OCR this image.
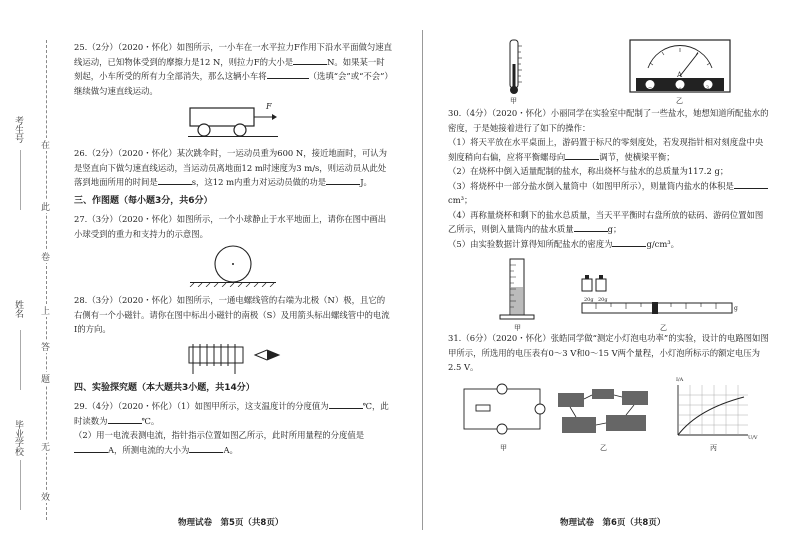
考生号
姓名
毕业学校
在
此
卷
上
答
题
无
效
25.（2分）（2020・怀化）如图所示，一小车在一水平拉力F作用下沿水平面做匀速直线运动，已知物体受到的摩擦力是12 N，则拉力F的大小是	N。如果某一时刻起，小车所受的所有力全部消失，那么这辆小车将	（选填“会”或“不会”）继续做匀速直线运动。
F
26.（2分）（2020・怀化）某次跳伞时，一运动员重为600 N，接近地面时，可认为是竖直向下做匀速直线运动，当运动员离地面12 m时速度为3 m/s，则运动员从此处落到地面所用的时间是	s，这12 m内重力对运动员做的功是	J。
三、作图题（每小题3分，共6分）
27.（3分）（2020・怀化）如图所示，一个小球静止于水平地面上，请你在图中画出小球受到的重力和支持力的示意图。
28.（3分）（2020・怀化）如图所示，一通电螺线管的右端为北极（N）极，且它的右侧有一个小磁针。请你在图中标出小磁针的南极（S）及用箭头标出螺线管中的电流I的方向。
四、实验探究题（本大题共3小题，共14分）
29.（4分）（2020・怀化）（1）如图甲所示，这支温度计的分度值为	℃，此时读数为	℃。
（2）用一电流表测电流，指针指示位置如图乙所示，此时所用量程的分度值是A，所测电流的大小为	A。
甲
A
−	0.6	3
乙
30.（4分）（2020・怀化）小丽同学在实验室中配制了一些盐水，她想知道所配盐水的密度，于是她接着进行了如下的操作：
（1）将天平放在水平桌面上，游码置于标尺的零刻度处，若发现指针相对刻度盘中央刻度稍向右偏，应将平衡螺母向	调节，使横梁平衡；
（2）在烧杯中倒入适量配制的盐水，称出烧杯与盐水的总质量为117.2 g；
（3）将烧杯中一部分盐水倒入量筒中（如图甲所示），则量筒内盐水的体积是cm³；
（4）再称量烧杯和剩下的盐水总质量，当天平平衡时右盘所放的砝码、游码位置如图乙所示，则倒入量筒内的盐水质量	g；
（5）由实验数据计算得知所配盐水的密度为	g/cm³。
20g 20g
g
甲	乙
31.（6分）（2020・怀化）张皓同学做“测定小灯泡电功率”的实验，设计的电路图如图甲所示，所选用的电压表有0～3 V和0～15 V两个量程，小灯泡所标示的额定电压为2.5 V。
I/A
U/V
甲	乙	丙
物理试卷　第5页（共8页）	物理试卷　第6页（共8页）
